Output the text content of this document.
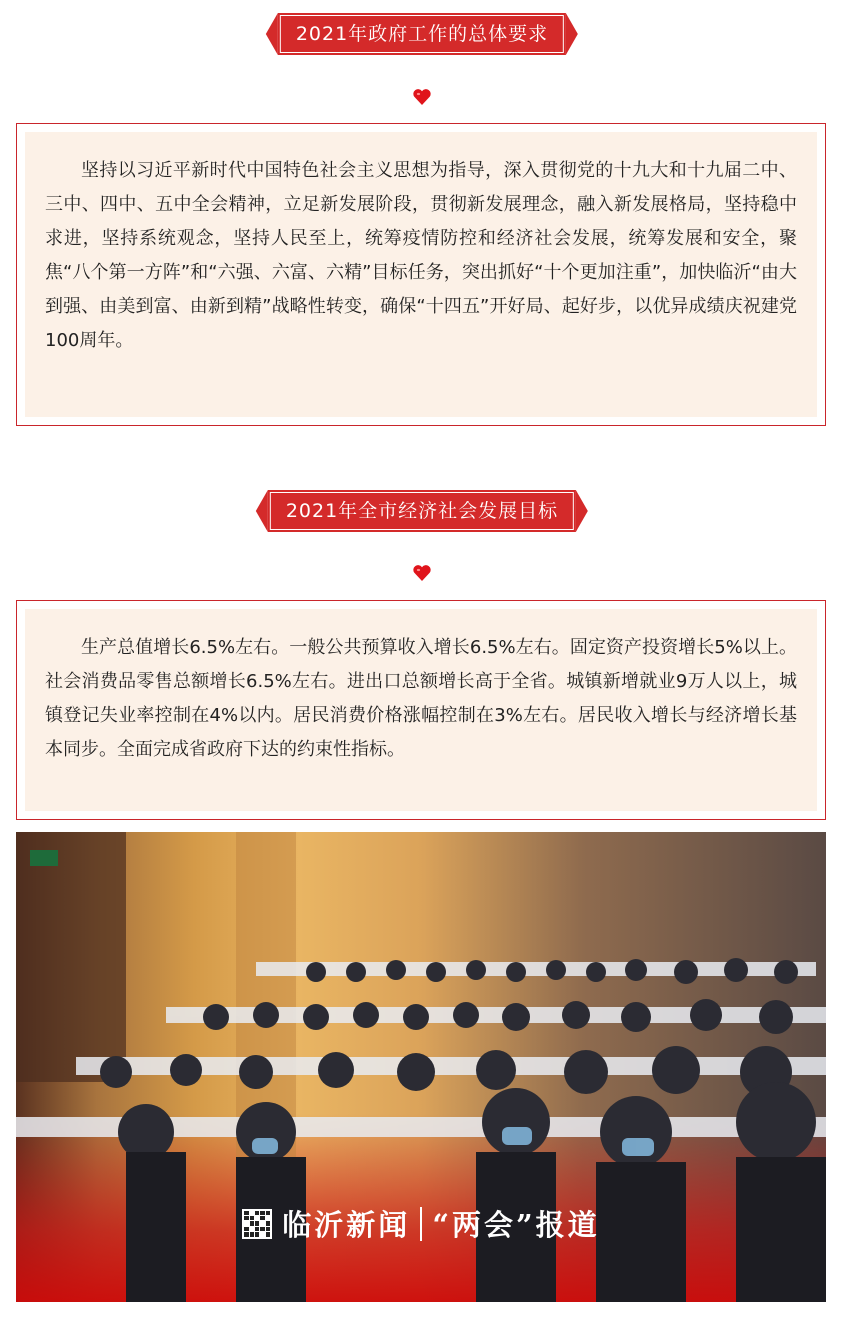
2021年政府工作的总体要求
坚持以习近平新时代中国特色社会主义思想为指导，深入贯彻党的十九大和十九届二中、三中、四中、五中全会精神，立足新发展阶段，贯彻新发展理念，融入新发展格局，坚持稳中求进，坚持系统观念，坚持人民至上，统筹疫情防控和经济社会发展，统筹发展和安全，聚焦“八个第一方阵”和“六强、六富、六精”目标任务，突出抓好“十个更加注重”，加快临沂“由大到强、由美到富、由新到精”战略性转变，确保“十四五”开好局、起好步，以优异成绩庆祝建党100周年。
2021年全市经济社会发展目标
生产总值增长6.5%左右。一般公共预算收入增长6.5%左右。固定资产投资增长5%以上。社会消费品零售总额增长6.5%左右。进出口总额增长高于全省。城镇新增就业9万人以上，城镇登记失业率控制在4%以内。居民消费价格涨幅控制在3%左右。居民收入增长与经济增长基本同步。全面完成省政府下达的约束性指标。
临沂新闻 “两会”报道
